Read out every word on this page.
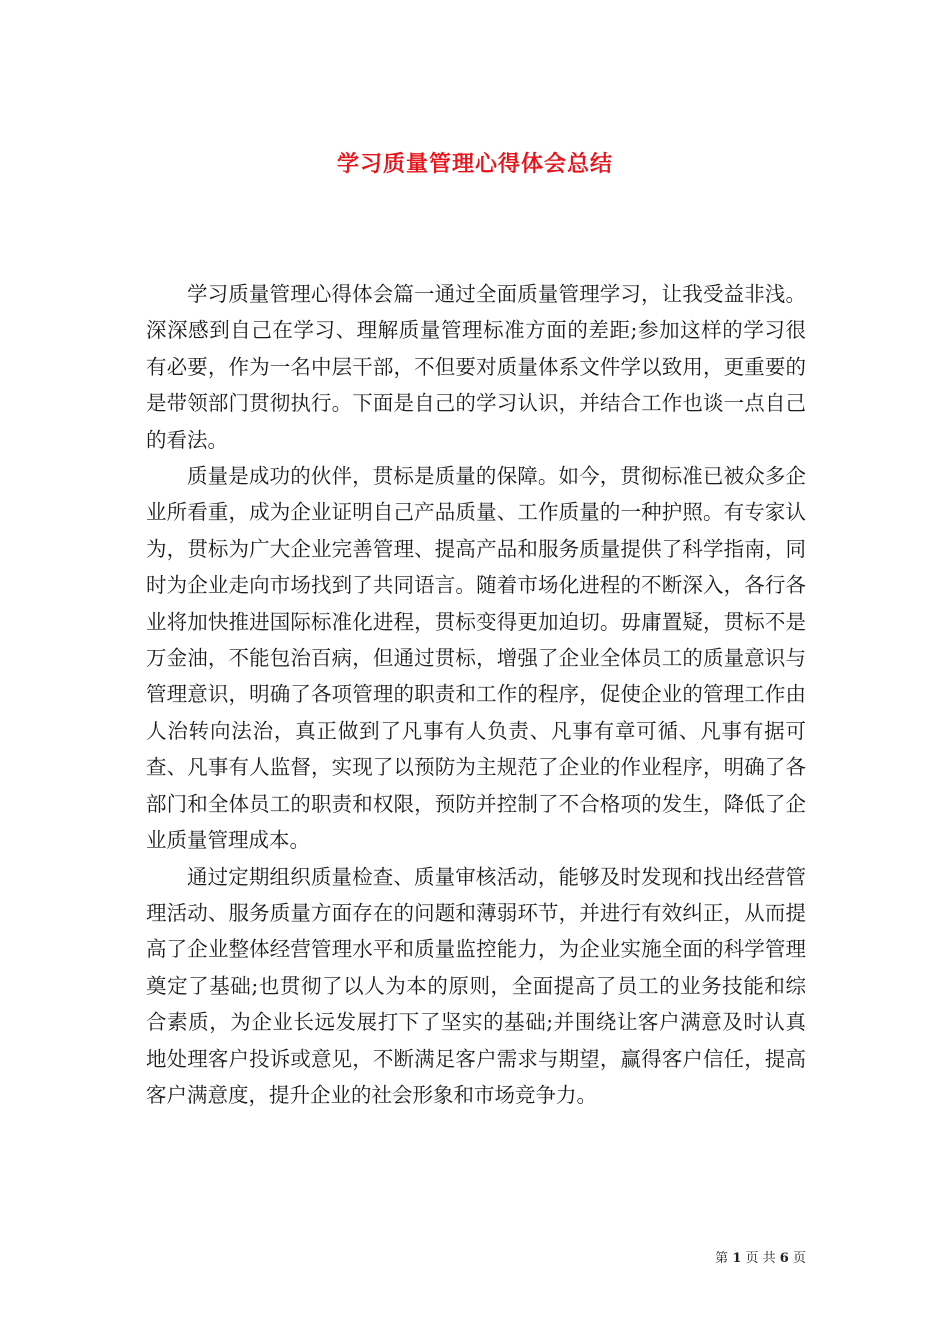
学习质量管理心得体会总结

学习质量管理心得体会篇一通过全面质量管理学习，让我受益非浅。深深感到自己在学习、理解质量管理标准方面的差距;参加这样的学习很有必要，作为一名中层干部，不但要对质量体系文件学以致用，更重要的是带领部门贯彻执行。下面是自己的学习认识，并结合工作也谈一点自己的看法。

质量是成功的伙伴，贯标是质量的保障。如今，贯彻标准已被众多企业所看重，成为企业证明自己产品质量、工作质量的一种护照。有专家认为，贯标为广大企业完善管理、提高产品和服务质量提供了科学指南，同时为企业走向市场找到了共同语言。随着市场化进程的不断深入，各行各业将加快推进国际标准化进程，贯标变得更加迫切。毋庸置疑，贯标不是万金油，不能包治百病，但通过贯标，增强了企业全体员工的质量意识与管理意识，明确了各项管理的职责和工作的程序，促使企业的管理工作由人治转向法治，真正做到了凡事有人负责、凡事有章可循、凡事有据可查、凡事有人监督，实现了以预防为主规范了企业的作业程序，明确了各部门和全体员工的职责和权限，预防并控制了不合格项的发生，降低了企业质量管理成本。

通过定期组织质量检查、质量审核活动，能够及时发现和找出经营管理活动、服务质量方面存在的问题和薄弱环节，并进行有效纠正，从而提高了企业整体经营管理水平和质量监控能力，为企业实施全面的科学管理奠定了基础;也贯彻了以人为本的原则，全面提高了员工的业务技能和综合素质，为企业长远发展打下了坚实的基础;并围绕让客户满意及时认真地处理客户投诉或意见，不断满足客户需求与期望，赢得客户信任，提高客户满意度，提升企业的社会形象和市场竞争力。

第 1 页 共 6 页
